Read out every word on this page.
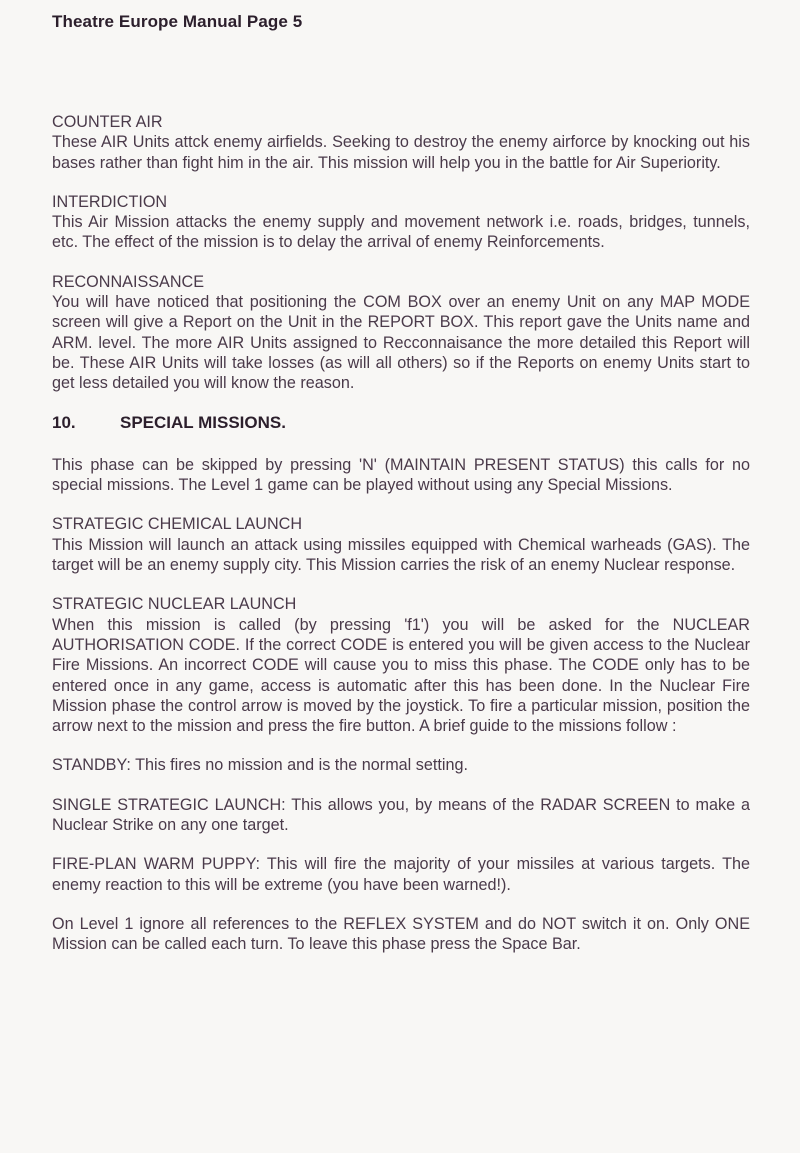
Theatre Europe Manual Page 5
COUNTER AIR
These AIR Units attck enemy airfields. Seeking to destroy the enemy airforce by knocking out his bases rather than fight him in the air. This mission will help you in the battle for Air Superiority.
INTERDICTION
This Air Mission attacks the enemy supply and movement network i.e. roads, bridges, tunnels, etc. The effect of the mission is to delay the arrival of enemy Reinforcements.
RECONNAISSANCE
You will have noticed that positioning the COM BOX over an enemy Unit on any MAP MODE screen will give a Report on the Unit in the REPORT BOX. This report gave the Units name and ARM. level. The more AIR Units assigned to Recconnaisance the more detailed this Report will be. These AIR Units will take losses (as will all others) so if the Reports on enemy Units start to get less detailed you will know the reason.
10.	SPECIAL MISSIONS.
This phase can be skipped by pressing 'N' (MAINTAIN PRESENT STATUS) this calls for no special missions. The Level 1 game can be played without using any Special Missions.
STRATEGIC CHEMICAL LAUNCH
This Mission will launch an attack using missiles equipped with Chemical warheads (GAS). The target will be an enemy supply city. This Mission carries the risk of an enemy Nuclear response.
STRATEGIC NUCLEAR LAUNCH
When this mission is called (by pressing 'f1') you will be asked for the NUCLEAR AUTHORISATION CODE. If the correct CODE is entered you will be given access to the Nuclear Fire Missions. An incorrect CODE will cause you to miss this phase. The CODE only has to be entered once in any game, access is automatic after this has been done. In the Nuclear Fire Mission phase the control arrow is moved by the joystick. To fire a particular mission, position the arrow next to the mission and press the fire button. A brief guide to the missions follow :
STANDBY: This fires no mission and is the normal setting.
SINGLE STRATEGIC LAUNCH: This allows you, by means of the RADAR SCREEN to make a Nuclear Strike on any one target.
FIRE-PLAN WARM PUPPY: This will fire the majority of your missiles at various targets. The enemy reaction to this will be extreme (you have been warned!).
On Level 1 ignore all references to the REFLEX SYSTEM and do NOT switch it on. Only ONE Mission can be called each turn. To leave this phase press the Space Bar.
